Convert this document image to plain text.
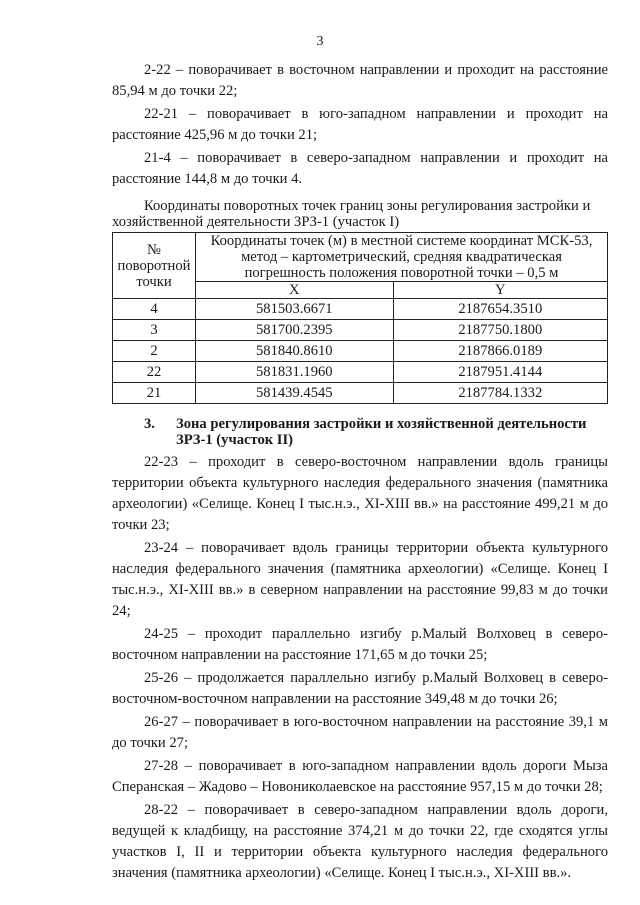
3

2-22 – поворачивает в восточном направлении и проходит на расстояние 85,94 м до точки 22;

22-21 – поворачивает в юго-западном направлении и проходит на расстояние 425,96 м до точки 21;

21-4 – поворачивает в северо-западном направлении и проходит на расстояние 144,8 м до точки 4.

Координаты поворотных точек границ зоны регулирования застройки и хозяйственной деятельности ЗРЗ-1 (участок I)
№ поворотной точки	Координаты точек (м) в местной системе координат МСК-53, метод – картометрический, средняя квадратическая погрешность положения поворотной точки – 0,5 м	
	X	Y
4	581503.6671	2187654.3510
3	581700.2395	2187750.1800
2	581840.8610	2187866.0189
22	581831.1960	2187951.4144
21	581439.4545	2187784.1332
3.	Зона регулирования застройки и хозяйственной деятельности ЗРЗ-1 (участок II)

22-23 – проходит в северо-восточном направлении вдоль границы территории объекта культурного наследия федерального значения (памятника археологии) «Селище. Конец I тыс.н.э., XI-XIII вв.» на расстояние 499,21 м до точки 23;

23-24 – поворачивает вдоль границы территории объекта культурного наследия федерального значения (памятника археологии) «Селище. Конец I тыс.н.э., XI-XIII вв.» в северном направлении на расстояние 99,83 м до точки 24;

24-25 – проходит параллельно изгибу р.Малый Волховец в северо-восточном направлении на расстояние 171,65 м до точки 25;

25-26 – продолжается параллельно изгибу р.Малый Волховец в северо-восточном-восточном направлении на расстояние 349,48 м до точки 26;

26-27 – поворачивает в юго-восточном направлении на расстояние 39,1 м до точки 27;

27-28 – поворачивает в юго-западном направлении вдоль дороги Мыза Сперанская – Жадово – Новониколаевское на расстояние 957,15 м до точки 28;

28-22 – поворачивает в северо-западном направлении вдоль дороги, ведущей к кладбищу, на расстояние 374,21 м до точки 22, где сходятся углы участков I, II и территории объекта культурного наследия федерального значения (памятника археологии) «Селище. Конец I тыс.н.э., XI-XIII вв.».
